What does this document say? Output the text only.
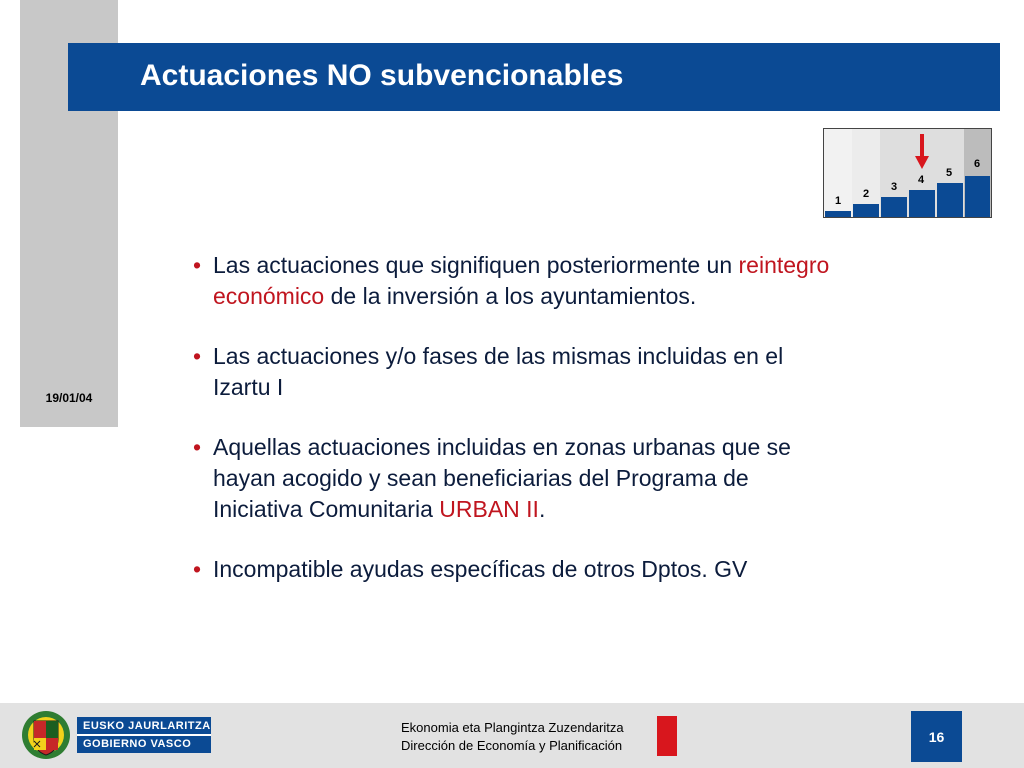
19/01/04
Actuaciones NO subvencionables
1
2
3
4
5
6
• Las actuaciones que signifiquen posteriormente un reintegro económico de la inversión a los ayuntamientos.
• Las actuaciones y/o fases de las mismas incluidas en el Izartu I
• Aquellas actuaciones incluidas en zonas urbanas que se hayan acogido y sean beneficiarias del Programa de Iniciativa Comunitaria URBAN II.
• Incompatible ayudas específicas de otros Dptos. GV
EUSKO JAURLARITZA
GOBIERNO VASCO
Ekonomia eta Plangintza Zuzendaritza
Dirección de Economía y Planificación
16
